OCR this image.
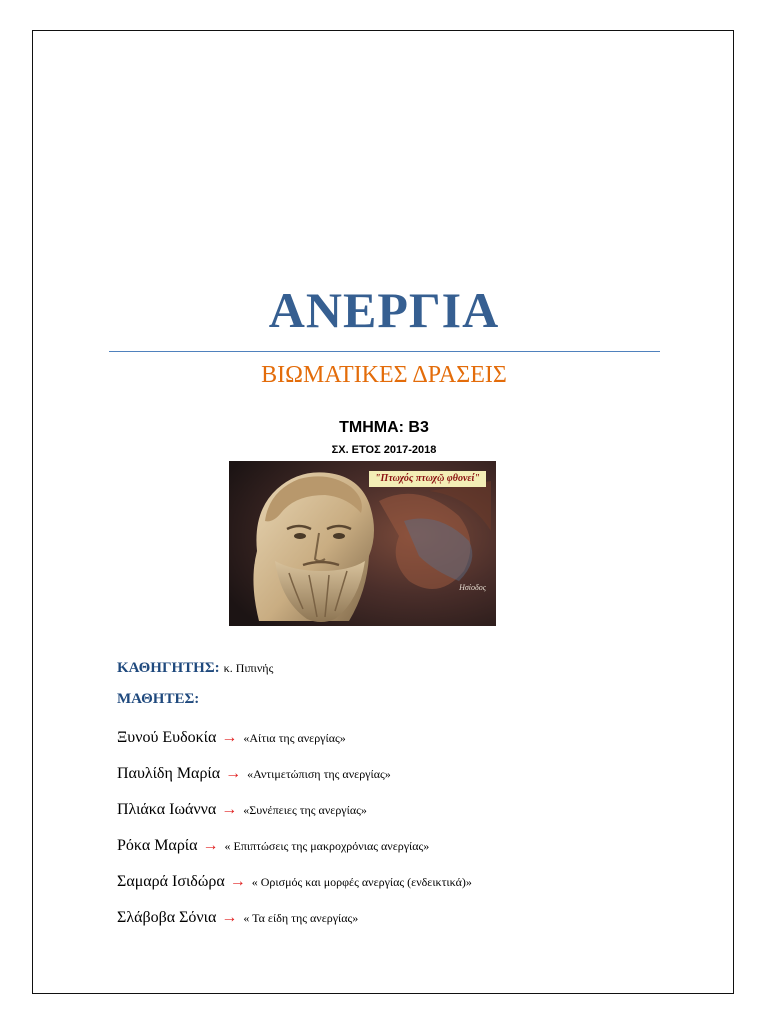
ΑΝΕΡΓΙΑ
ΒΙΩΜΑΤΙΚΕΣ ΔΡΑΣΕΙΣ
ΤΜΗΜΑ: Β3
ΣΧ. ΕΤΟΣ 2017-2018
"Πτωχός πτωχῷ φθονεί"
Ησίοδος
ΚΑΘΗΓΗΤΗΣ: κ. Πιπινής
ΜΑΘΗΤΕΣ:
Ξυνού Ευδοκία → «Αίτια της ανεργίας»
Παυλίδη Μαρία → «Αντιμετώπιση της ανεργίας»
Πλιάκα Ιωάννα → «Συνέπειες της ανεργίας»
Ρόκα Μαρία → « Επιπτώσεις της μακροχρόνιας ανεργίας»
Σαμαρά Ισιδώρα → « Ορισμός και μορφές ανεργίας (ενδεικτικά)»
Σλάβοβα Σόνια → « Τα είδη της ανεργίας»
